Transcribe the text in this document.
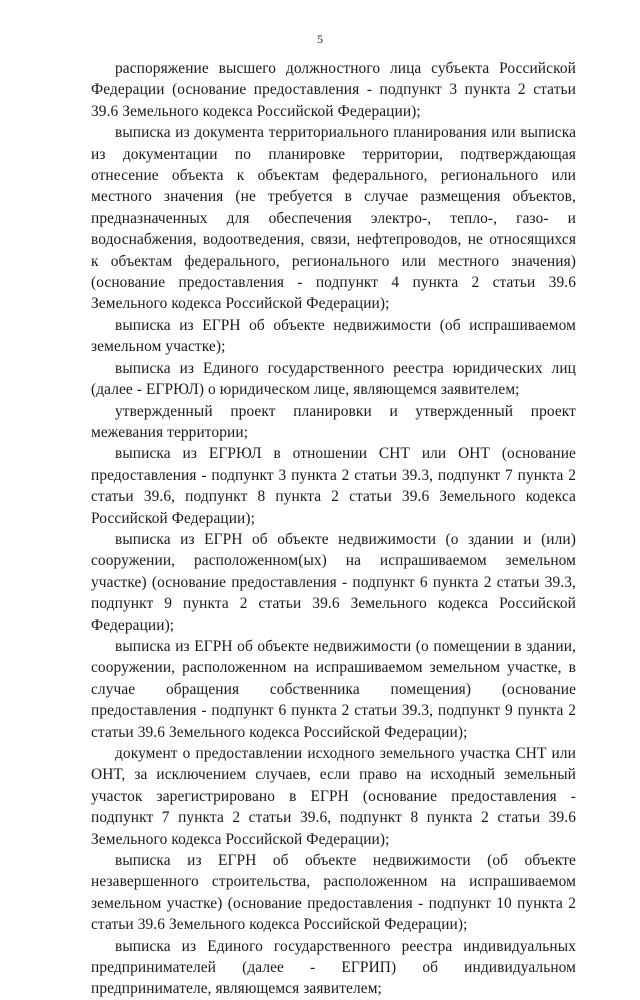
5

распоряжение высшего должностного лица субъекта Российской Федерации (основание предоставления - подпункт 3 пункта 2 статьи 39.6 Земельного кодекса Российской Федерации);

выписка из документа территориального планирования или выписка из документации по планировке территории, подтверждающая отнесение объекта к объектам федерального, регионального или местного значения (не требуется в случае размещения объектов, предназначенных для обеспечения электро-, тепло-, газо- и водоснабжения, водоотведения, связи, нефтепроводов, не относящихся к объектам федерального, регионального или местного значения) (основание предоставления - подпункт 4 пункта 2 статьи 39.6 Земельного кодекса Российской Федерации);

выписка из ЕГРН об объекте недвижимости (об испрашиваемом земельном участке);

выписка из Единого государственного реестра юридических лиц (далее - ЕГРЮЛ) о юридическом лице, являющемся заявителем;

утвержденный проект планировки и утвержденный проект межевания территории;

выписка из ЕГРЮЛ в отношении СНТ или ОНТ (основание предоставления - подпункт 3 пункта 2 статьи 39.3, подпункт 7 пункта 2 статьи 39.6, подпункт 8 пункта 2 статьи 39.6 Земельного кодекса Российской Федерации);

выписка из ЕГРН об объекте недвижимости (о здании и (или) сооружении, расположенном(ых) на испрашиваемом земельном участке) (основание предоставления - подпункт 6 пункта 2 статьи 39.3, подпункт 9 пункта 2 статьи 39.6 Земельного кодекса Российской Федерации);

выписка из ЕГРН об объекте недвижимости (о помещении в здании, сооружении, расположенном на испрашиваемом земельном участке, в случае обращения собственника помещения) (основание предоставления - подпункт 6 пункта 2 статьи 39.3, подпункт 9 пункта 2 статьи 39.6 Земельного кодекса Российской Федерации);

документ о предоставлении исходного земельного участка СНТ или ОНТ, за исключением случаев, если право на исходный земельный участок зарегистрировано в ЕГРН (основание предоставления - подпункт 7 пункта 2 статьи 39.6, подпункт 8 пункта 2 статьи 39.6 Земельного кодекса Российской Федерации);

выписка из ЕГРН об объекте недвижимости (об объекте незавершенного строительства, расположенном на испрашиваемом земельном участке) (основание предоставления - подпункт 10 пункта 2 статьи 39.6 Земельного кодекса Российской Федерации);

выписка из Единого государственного реестра индивидуальных предпринимателей (далее - ЕГРИП) об индивидуальном предпринимателе, являющемся заявителем;
